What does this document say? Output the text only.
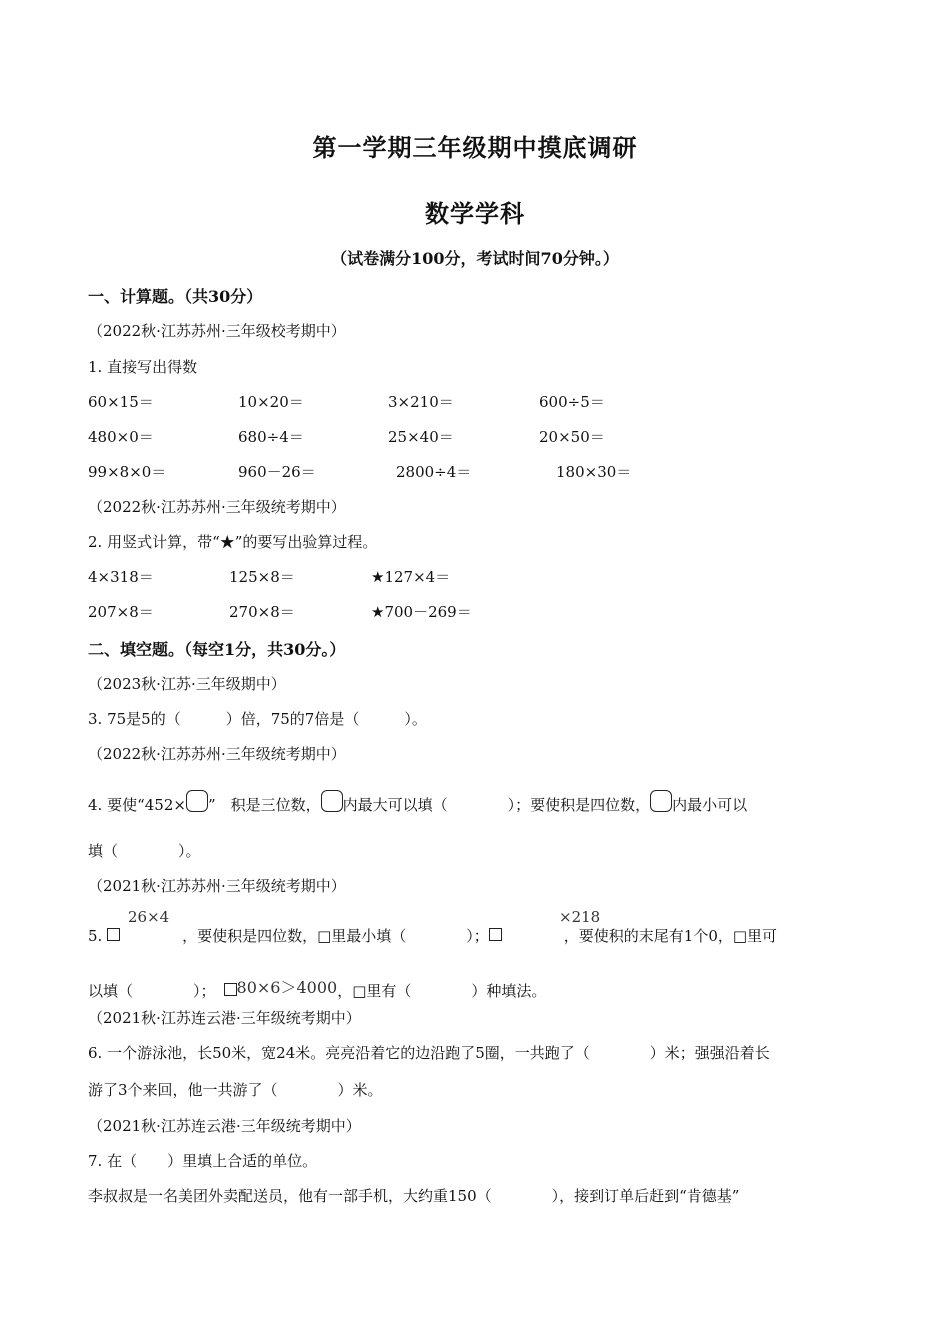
第一学期三年级期中摸底调研
数学学科
（试卷满分100分，考试时间70分钟。）
一、计算题。（共30分）
（2022秋·江苏苏州·三年级校考期中）
1. 直接写出得数
60×15＝	10×20＝	3×210＝	600÷5＝
480×0＝	680÷4＝	25×40＝	20×50＝
99×8×0＝	960－26＝	2800÷4＝	180×30＝
（2022秋·江苏苏州·三年级统考期中）
2. 用竖式计算，带“★”的要写出验算过程。
4×318＝	125×8＝	★127×4＝
207×8＝	270×8＝	★700－269＝
二、填空题。（每空1分，共30分。）
（2023秋·江苏·三年级期中）
3. 75是5的（　　　）倍，75的7倍是（　　　）。
（2022秋·江苏苏州·三年级统考期中）
4. 要使“452× ”　积是三位数， 内最大可以填（　　　　）；要使积是四位数， 内最小可以
填（　　　　）。
（2021秋·江苏苏州·三年级统考期中）
26×4	×218
5.	，要使积是四位数，□里最小填（　　　　）；	，要使积的末尾有1个0，□里可
以填（　　　　）； 80×6＞4000，□里有（　　　　）种填法。
（2021秋·江苏连云港·三年级统考期中）
6. 一个游泳池，长50米，宽24米。亮亮沿着它的边沿跑了5圈，一共跑了（　　　　）米；强强沿着长
游了3个来回，他一共游了（　　　　）米。
（2021秋·江苏连云港·三年级统考期中）
7. 在（　　）里填上合适的单位。
李叔叔是一名美团外卖配送员，他有一部手机，大约重150（　　　　），接到订单后赶到“肯德基”
